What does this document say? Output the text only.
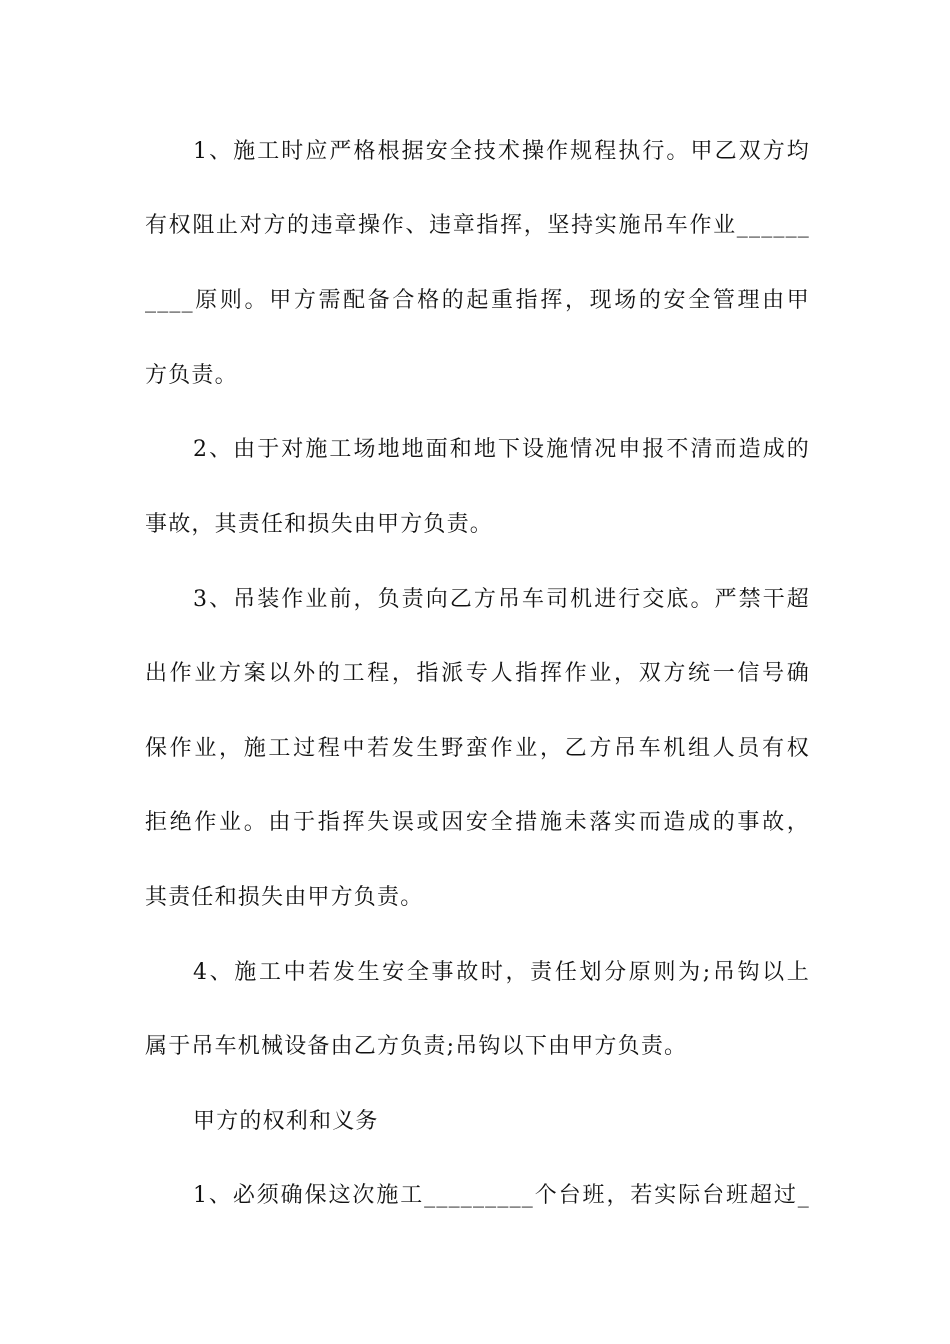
1、施工时应严格根据安全技术操作规程执行。甲乙双方均
有权阻止对方的违章操作、违章指挥，坚持实施吊车作业______
____原则。甲方需配备合格的起重指挥，现场的安全管理由甲
方负责。
2、由于对施工场地地面和地下设施情况申报不清而造成的
事故，其责任和损失由甲方负责。
3、吊装作业前，负责向乙方吊车司机进行交底。严禁干超
出作业方案以外的工程，指派专人指挥作业，双方统一信号确
保作业，施工过程中若发生野蛮作业，乙方吊车机组人员有权
拒绝作业。由于指挥失误或因安全措施未落实而造成的事故，
其责任和损失由甲方负责。
4、施工中若发生安全事故时，责任划分原则为;吊钩以上
属于吊车机械设备由乙方负责;吊钩以下由甲方负责。
甲方的权利和义务
1、必须确保这次施工_________个台班，若实际台班超过_
